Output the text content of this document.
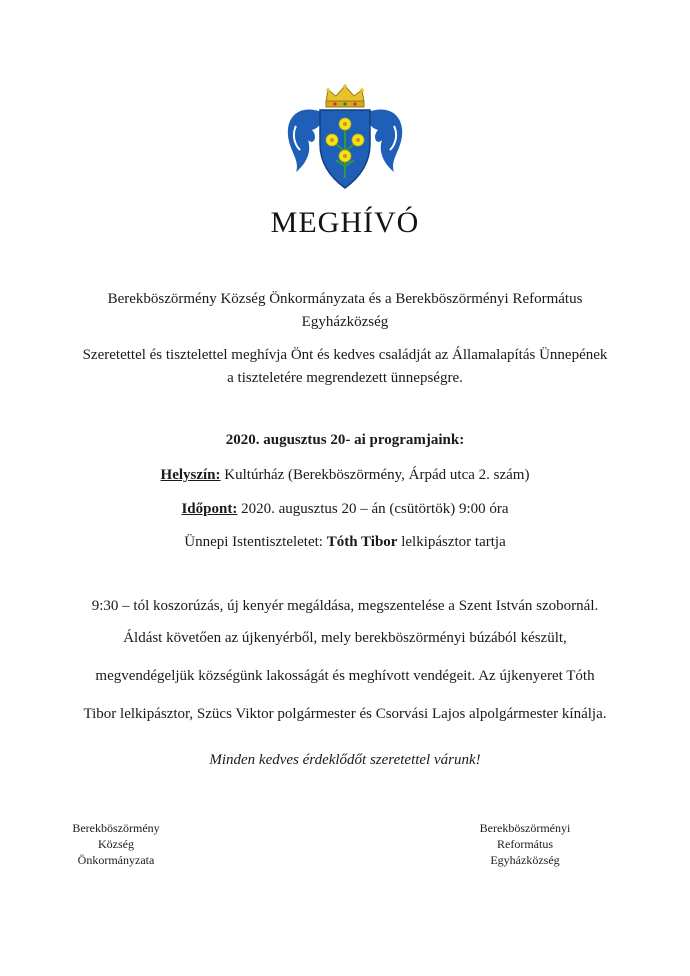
MEGHÍVÓ
Berekböszörmény Község Önkormányzata és a Berekböszörményi Református
Egyházközség
Szeretettel és tisztelettel meghívja Önt és kedves családját az Államalapítás Ünnepének
a tiszteletére megrendezett ünnepségre.
2020. augusztus 20- ai programjaink:
Helyszín: Kultúrház (Berekböszörmény, Árpád utca 2. szám)
Időpont: 2020. augusztus 20 – án (csütörtök) 9:00 óra
Ünnepi Istentiszteletet: Tóth Tibor lelkipásztor tartja
9:30 – tól koszorúzás, új kenyér megáldása, megszentelése a Szent István szobornál.
Áldást követően az újkenyérből, mely berekböszörményi búzából készült,
megvendégeljük községünk lakosságát és meghívott vendégeit. Az újkenyeret Tóth
Tibor lelkipásztor, Szücs Viktor polgármester és Csorvási Lajos alpolgármester kínálja.
Minden kedves érdeklődőt szeretettel várunk!
Berekböszörmény
Község
Önkormányzata
Berekböszörményi
Református
Egyházközség
